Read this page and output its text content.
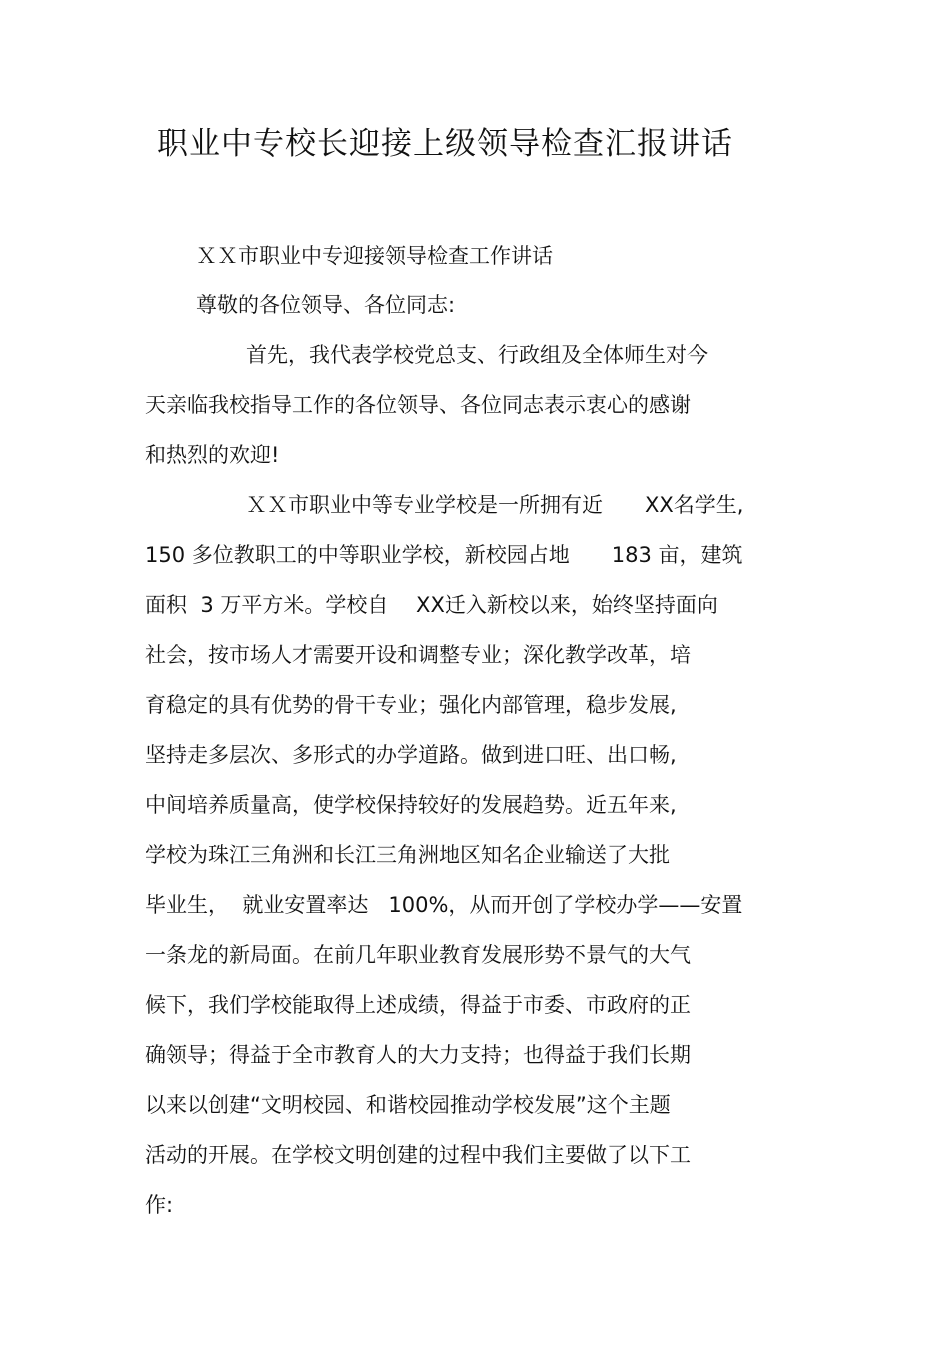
职业中专校长迎接上级领导检查汇报讲话
ＸＸ市职业中专迎接领导检查工作讲话
尊敬的各位领导、各位同志:
首先，我代表学校党总支、行政组及全体师生对今
天亲临我校指导工作的各位领导、各位同志表示衷心的感谢
和热烈的欢迎!
ＸＸ市职业中等专业学校是一所拥有近　　XX名学生,
150 多位教职工的中等职业学校，新校园占地　　183 亩，建筑
面积  3 万平方米。学校自　 XX迁入新校以来，始终坚持面向
社会，按市场人才需要开设和调整专业；深化教学改革，培
育稳定的具有优势的骨干专业；强化内部管理，稳步发展,
坚持走多层次、多形式的办学道路。做到进口旺、出口畅,
中间培养质量高，使学校保持较好的发展趋势。近五年来,
学校为珠江三角洲和长江三角洲地区知名企业输送了大批
毕业生，  就业安置率达   100%，从而开创了学校办学——安置
一条龙的新局面。在前几年职业教育发展形势不景气的大气
候下，我们学校能取得上述成绩，得益于市委、市政府的正
确领导；得益于全市教育人的大力支持；也得益于我们长期
以来以创建“文明校园、和谐校园推动学校发展”这个主题
活动的开展。在学校文明创建的过程中我们主要做了以下工
作:
